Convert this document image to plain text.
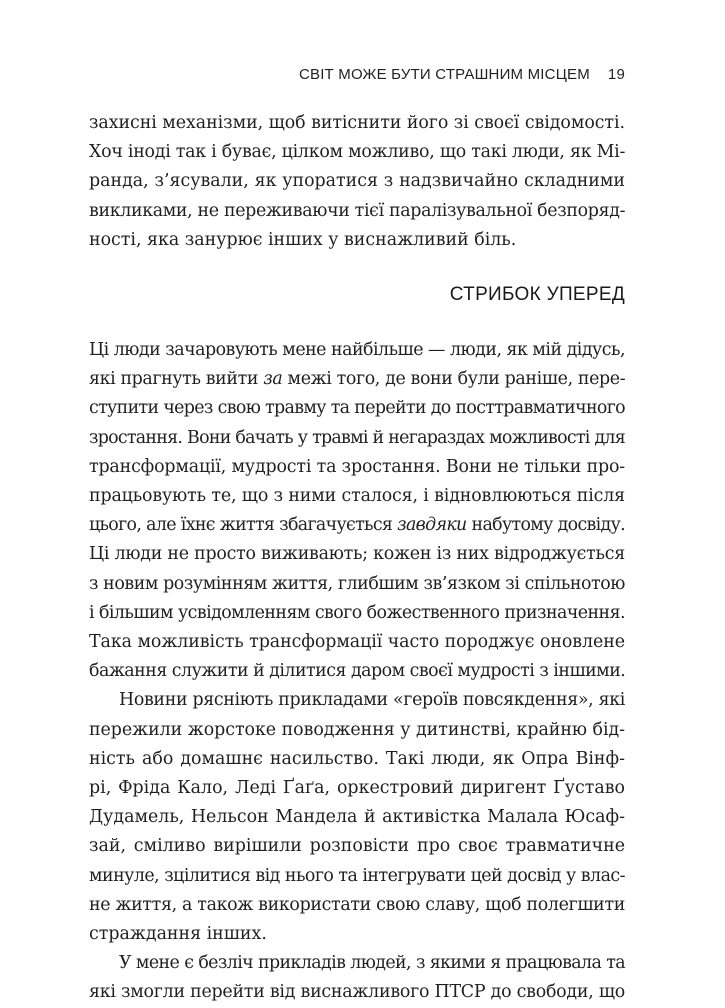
СВІТ МОЖЕ БУТИ СТРАШНИМ МІСЦЕМ 19

захисні механізми, щоб витіснити його зі своєї свідомості.
Хоч іноді так і буває, цілком можливо, що такі люди, як Мі-
ранда, з’ясували, як упоратися з надзвичайно складними
викликами, не переживаючи тієї паралізувальної безпоряд-
ності, яка занурює інших у виснажливий біль.

СТРИБОК УПЕРЕД

Ці люди зачаровують мене найбільше — люди, як мій дідусь,
які прагнуть вийти за межі того, де вони були раніше, пере-
ступити через свою травму та перейти до посттравматичного
зростання. Вони бачать у травмі й негараздах можливості для
трансформації, мудрості та зростання. Вони не тільки про-
працьовують те, що з ними сталося, і відновлюються після
цього, але їхнє життя збагачується завдяки набутому досвіду.
Ці люди не просто виживають; кожен із них відроджується
з новим розумінням життя, глибшим зв’язком зі спільнотою
і більшим усвідомленням свого божественного призначення.
Така можливість трансформації часто породжує оновлене
бажання служити й ділитися даром своєї мудрості з іншими.

Новини рясніють прикладами «героїв повсякдення», які
пережили жорстоке поводження у дитинстві, крайню бід-
ність або домашнє насильство. Такі люди, як Опра Вінф-
рі, Фріда Кало, Леді Ґаґа, оркестровий диригент Ґуставо
Дудамель, Нельсон Мандела й активістка Малала Юсаф-
зай, сміливо вирішили розповісти про своє травматичне
минуле, зцілитися від нього та інтегрувати цей досвід у влас-
не життя, а також використати свою славу, щоб полегшити
страждання інших.

У мене є безліч прикладів людей, з якими я працювала та
які змогли перейти від виснажливого ПТСР до свободи, що
